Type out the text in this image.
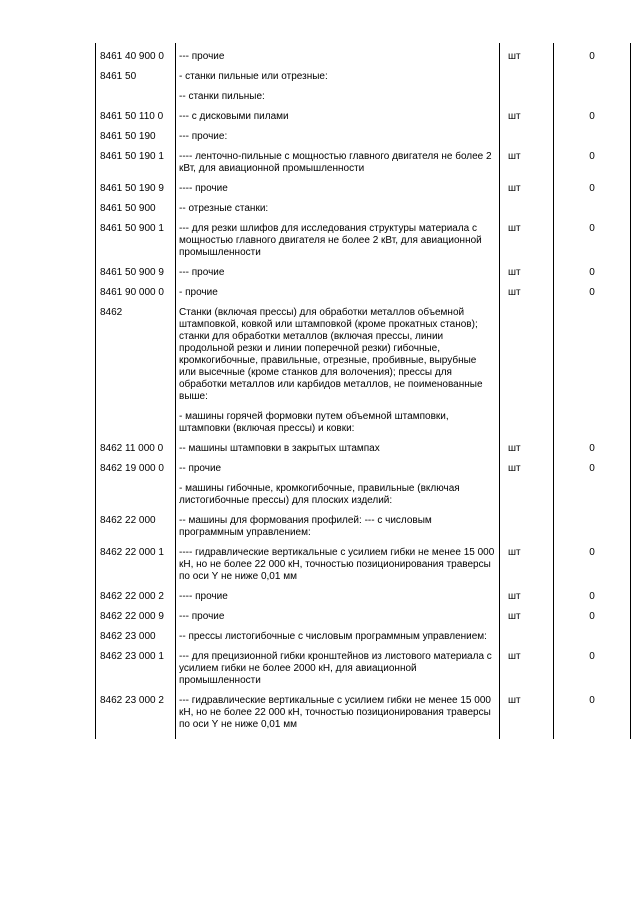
8461 40 900 0	--- прочие	шт	0
8461 50	- станки пильные или отрезные:		
	-- станки пильные:		
8461 50 110 0	--- с дисковыми пилами	шт	0
8461 50 190	--- прочие:		
8461 50 190 1	---- ленточно-пильные с мощностью главного двигателя не более 2 кВт, для авиационной промышленности	шт	0
8461 50 190 9	---- прочие	шт	0
8461 50 900	-- отрезные станки:		
8461 50 900 1	--- для резки шлифов для исследования структуры материала с мощностью главного двигателя не более 2 кВт, для авиационной промышленности	шт	0
8461 50 900 9	--- прочие	шт	0
8461 90 000 0	- прочие	шт	0
8462	Станки (включая прессы) для обработки металлов объемной штамповкой, ковкой или штамповкой (кроме прокатных станов); станки для обработки металлов (включая прессы, линии продольной резки и линии поперечной резки) гибочные, кромкогибочные, правильные, отрезные, пробивные, вырубные или высечные (кроме станков для волочения); прессы для обработки металлов или карбидов металлов, не поименованные выше:		
	- машины горячей формовки путем объемной штамповки, штамповки (включая прессы) и ковки:		
8462 11 000 0	-- машины штамповки в закрытых штампах	шт	0
8462 19 000 0	-- прочие	шт	0
	- машины гибочные, кромкогибочные, правильные (включая листогибочные прессы) для плоских изделий:		
8462 22 000	-- машины для формования профилей: --- с числовым программным управлением:		
8462 22 000 1	---- гидравлические вертикальные с усилием гибки не менее 15 000 кН, но не более 22 000 кН, точностью позиционирования траверсы по оси Y не ниже 0,01 мм	шт	0
8462 22 000 2	---- прочие	шт	0
8462 22 000 9	--- прочие	шт	0
8462 23 000	-- прессы листогибочные с числовым программным управлением:		
8462 23 000 1	--- для прецизионной гибки кронштейнов из листового материала с усилием гибки не более 2000 кН, для авиационной промышленности	шт	0
8462 23 000 2	--- гидравлические вертикальные с усилием гибки не менее 15 000 кН, но не более 22 000 кН, точностью позиционирования траверсы по оси Y не ниже 0,01 мм	шт	0
